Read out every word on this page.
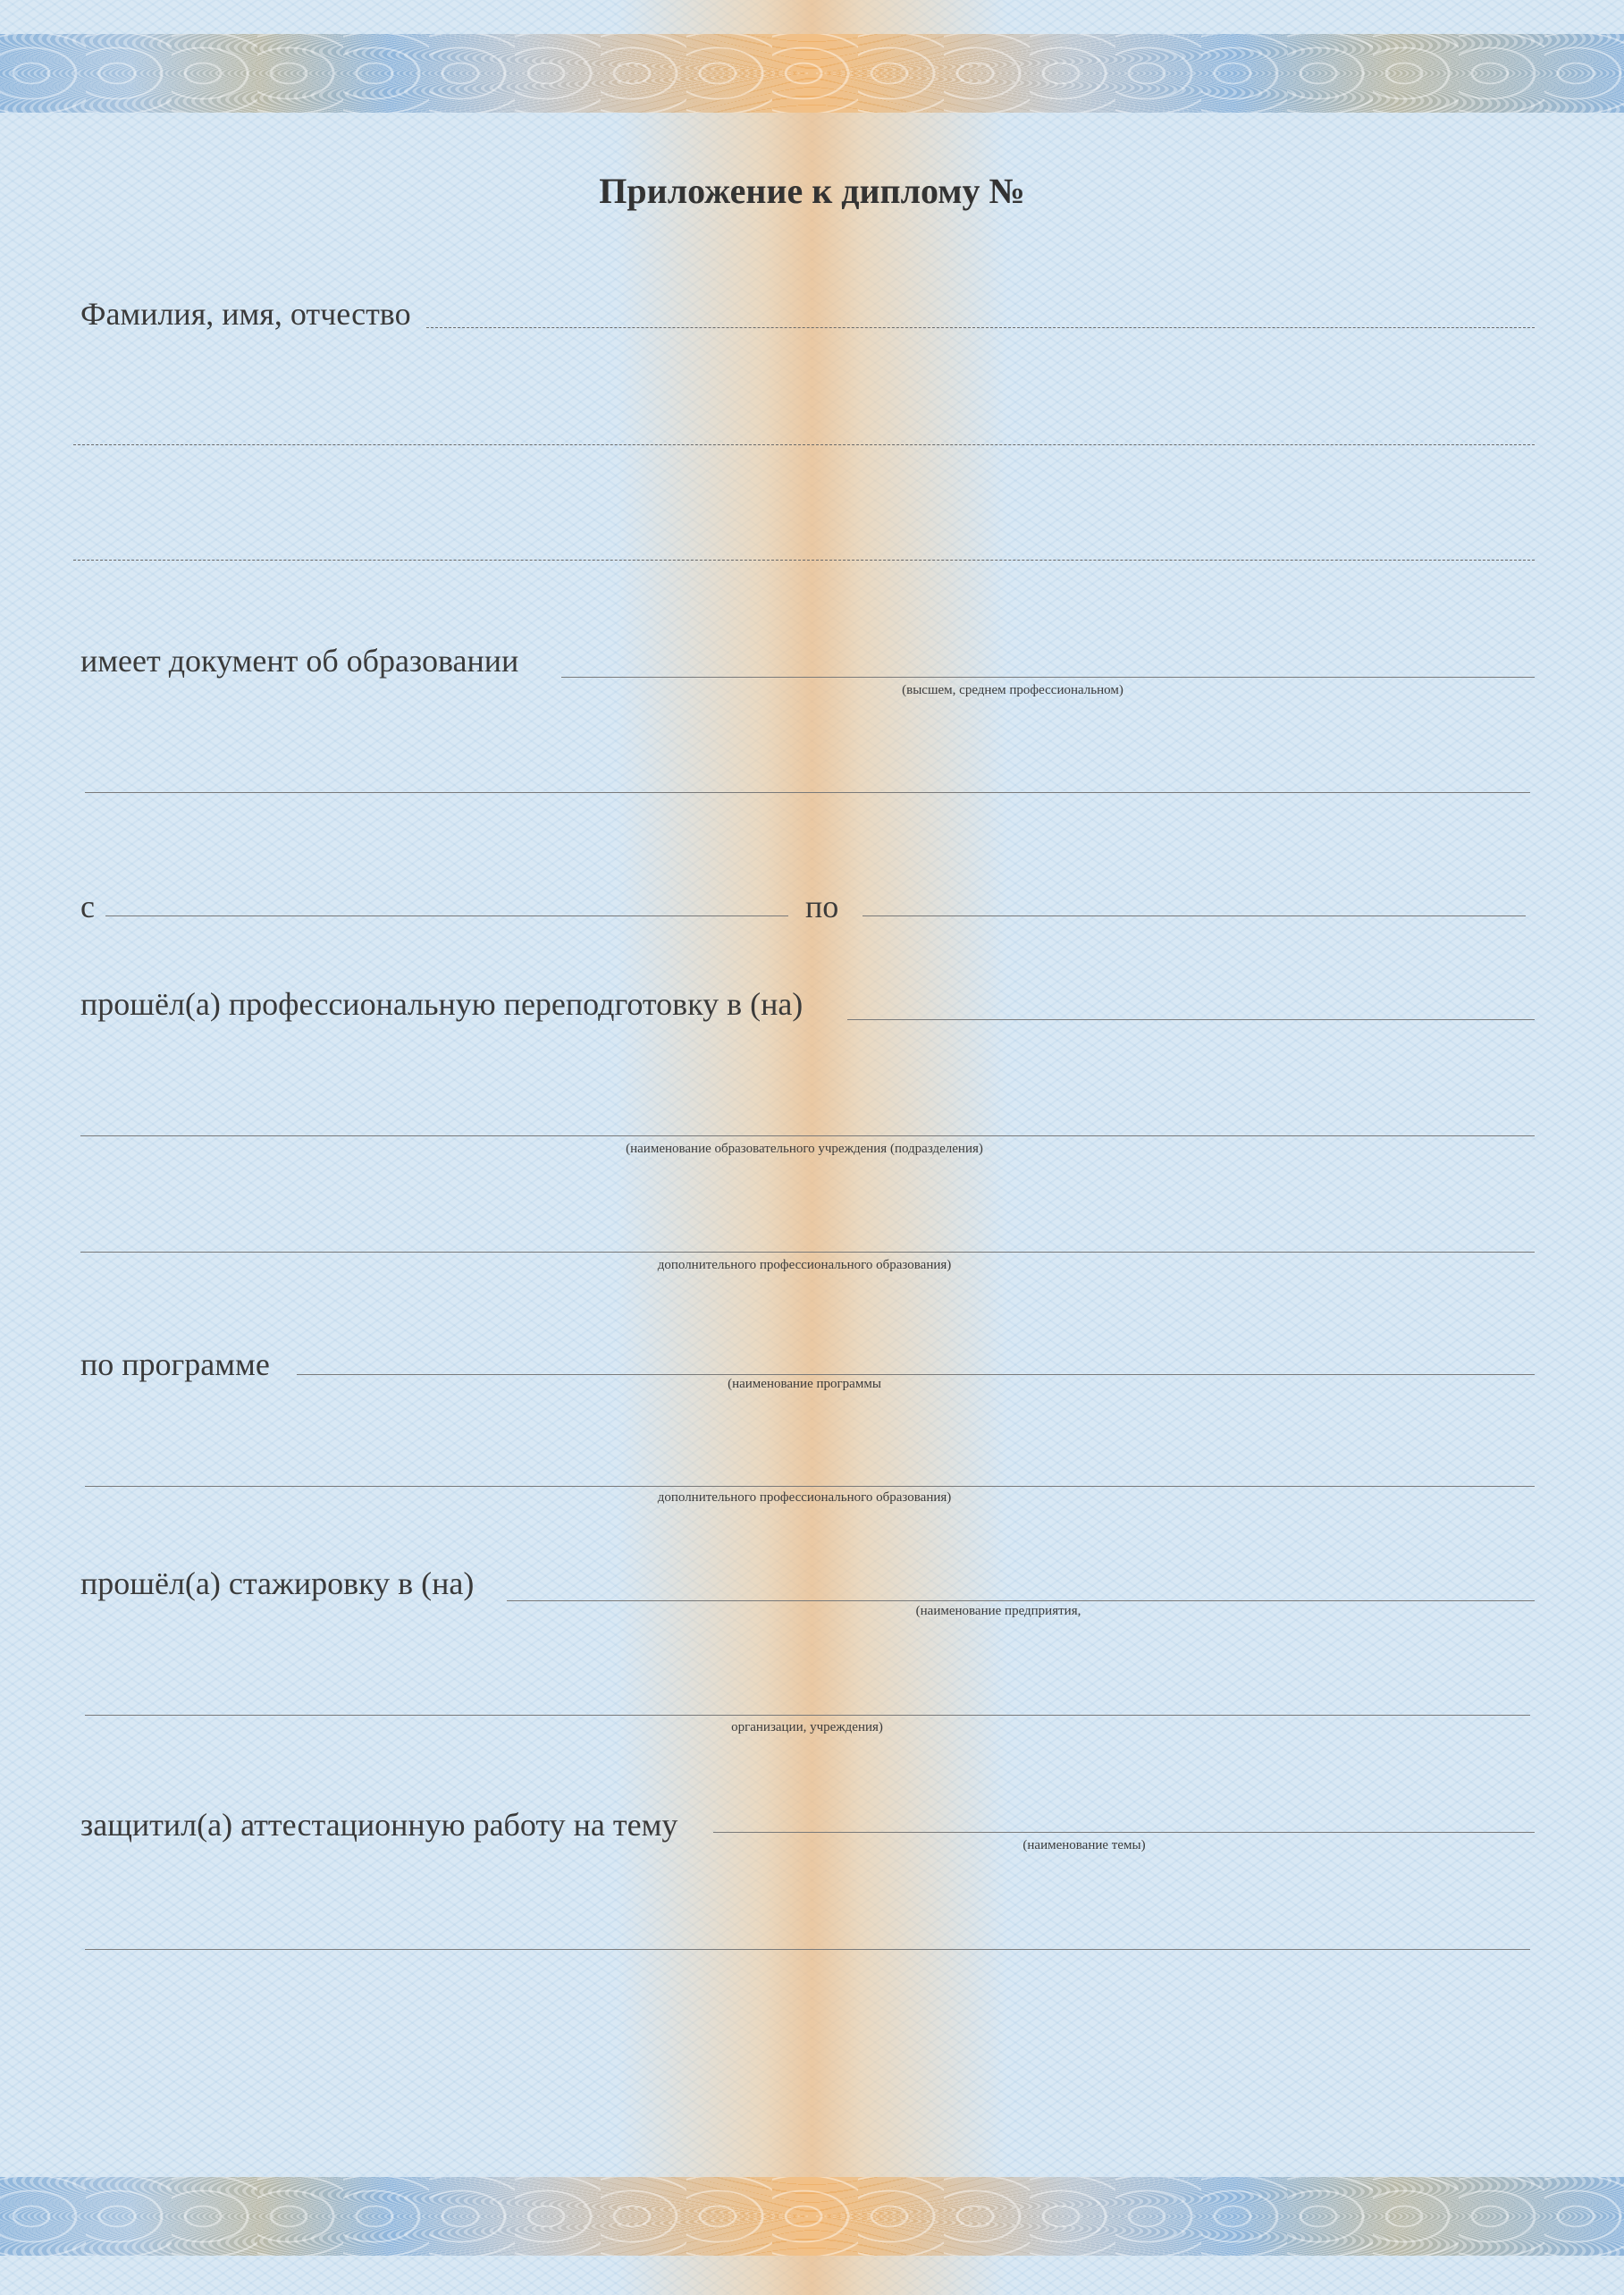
Приложение к диплому №
Фамилия, имя, отчество
имеет документ об образовании
(высшем, среднем профессиональном)
с	по
прошёл(а) профессиональную переподготовку в (на)
(наименование образовательного учреждения (подразделения)
дополнительного профессионального образования)
по программе
(наименование программы
дополнительного профессионального образования)
прошёл(а) стажировку в (на)
(наименование предприятия,
организации, учреждения)
защитил(а) аттестационную работу на тему
(наименование темы)
